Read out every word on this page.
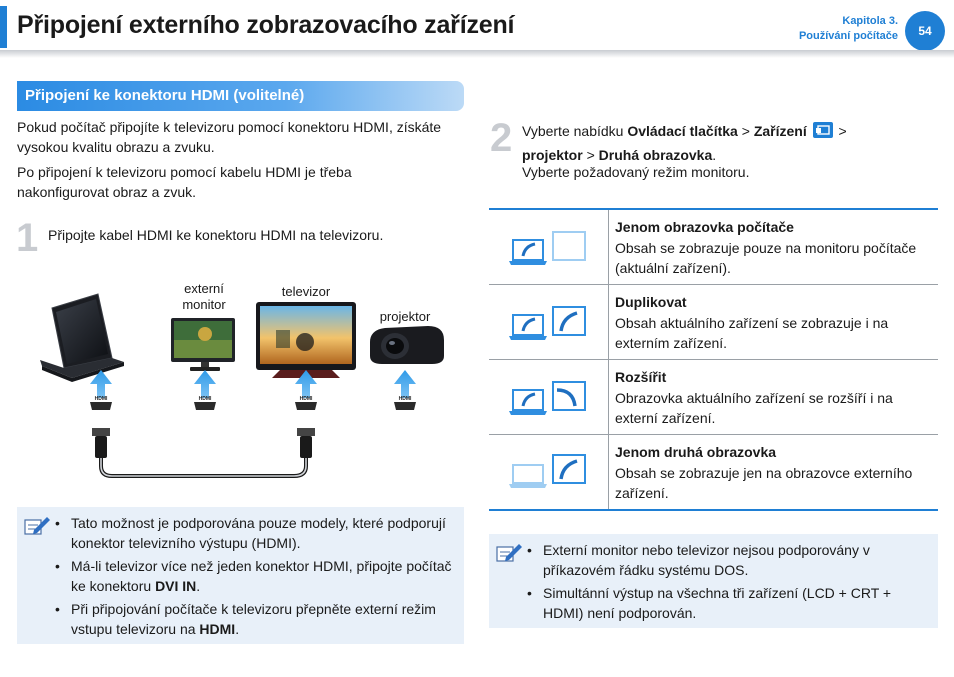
Připojení externího zobrazovacího zařízení	Kapitola 3.
Používání počítače	54
Připojení ke konektoru HDMI (volitelné)
Pokud počítač připojíte k televizoru pomocí konektoru HDMI, získáte vysokou kvalitu obrazu a zvuku.
Po připojení k televizoru pomocí kabelu HDMI je třeba nakonfigurovat obraz a zvuk.
1 Připojte kabel HDMI ke konektoru HDMI na televizoru.
externí
monitor
televizor
projektor
HDMI	HDMI	HDMI	HDMI
• Tato možnost je podporována pouze modely, které podporují konektor televizního výstupu (HDMI).
• Má-li televizor více než jeden konektor HDMI, připojte počítač ke konektoru DVI IN.
• Při připojování počítače k televizoru přepněte externí režim vstupu televizoru na HDMI.
2 Vyberte nabídku Ovládací tlačítka > Zařízení  >
projektor > Druhá obrazovka.
Vyberte požadovaný režim monitoru.
Jenom obrazovka počítače
Obsah se zobrazuje pouze na monitoru počítače (aktuální zařízení).
Duplikovat
Obsah aktuálního zařízení se zobrazuje i na externím zařízení.
Rozšířit
Obrazovka aktuálního zařízení se rozšíří i na externí zařízení.
Jenom druhá obrazovka
Obsah se zobrazuje jen na obrazovce externího zařízení.
• Externí monitor nebo televizor nejsou podporovány v příkazovém řádku systému DOS.
• Simultánní výstup na všechna tři zařízení (LCD + CRT + HDMI) není podporován.
